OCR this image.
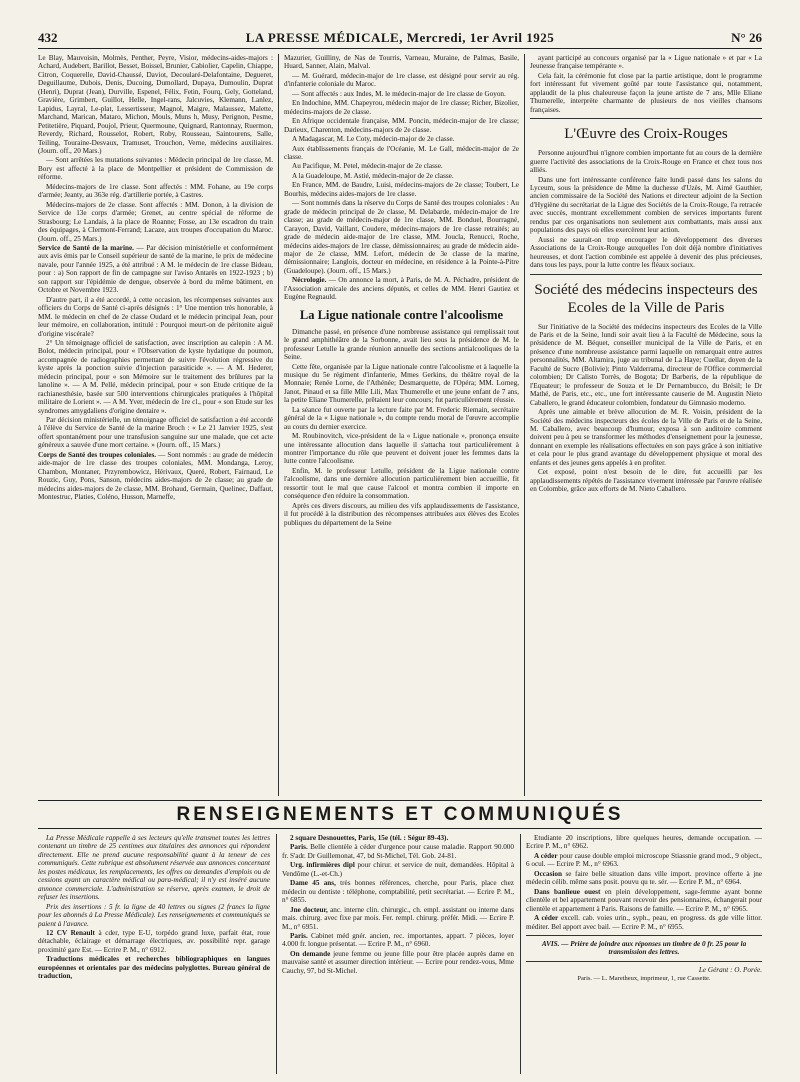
432	LA PRESSE MÉDICALE, Mercredi, 1er Avril 1925	N° 26

Le Blay, Mauvoisin, Molmès, Penther, Peyre, Visior, médecins-aides-majors : Achard, Audebert, Barillot, Besset, Boissel, Brunier, Cabiolier, Capelin, Chiappe, Citron, Coquerelle, David-Chaussé, Daviot, Decoularé-Delafontaine, Degueret, Deguillaume, Dubois, Denis, Ducoing, Dumollard, Dupaya, Dumoulin, Duprat (Henri), Duprat (Jean), Durville, Espenel, Félix, Fetin, Fourq, Gely, Gotteland, Gravière, Grimbert, Guillot, Helle, Ingel-rans, Jalcuvies, Klemann, Lanlez, Lapidus, Layral, Le-plat, Lessertisseur, Magnol, Maigre, Malaussez, Malette, Marchand, Marican, Mataro, Michon, Mouls, Muns h, Musy, Perignon, Pesme, Petitetière, Piquard, Poujol, Prieur, Quermoune, Quignard, Rantonnay, Ruermon, Reverdy, Richard, Rousselot, Robert, Roby, Rousseau, Saintourens, Salle, Teiling, Touraine-Desvaux, Tramuset, Trouchon, Verne, médecins auxiliaires. (Journ. off., 20 Mars.)

— Sont arrêtées les mutations suivantes : Médecin principal de 1re classe, M. Bory est affecté à la place de Montpellier et président de Commission de réforme.

Médecins-majors de 1re classe. Sont affectés : MM. Fohane, au 19e corps d'armée; Jeanty, au 363e rég. d'artillerie portée, à Castres.

Médecins-majors de 2e classe. Sont affectés : MM. Donon, à la division de Service de 13e corps d'armée; Grenet, au centre spécial de réforme de Strasbourg; Le Landais, à la place de Roanne; Fosse, au 13e escadron du train des équipages, à Clermont-Ferrand; Lacaze, aux troupes d'occupation du Maroc. (Journ. off., 25 Mars.)

Service de Santé de la marine. — Par décision ministérielle et conformément aux avis émis par le Conseil supérieur de santé de la marine, le prix de médecine navale, pour l'année 1925, a été attribué : A M. le médecin de 1re classe Bideau, pour : a) Son rapport de fin de campagne sur l'aviso Antarès en 1922-1923 ; b) son rapport sur l'épidémie de dengue, observée à bord du même bâtiment, en Octobre et Novembre 1923.

D'autre part, il a été accordé, à cette occasion, les récompenses suivantes aux officiers du Corps de Santé ci-après désignés : 1° Une mention très honorable, à MM. le médecin en chef de 2e classe Oudard et le médecin principal Jean, pour leur mémoire, en collaboration, intitulé : Pourquoi meurt-on de péritonite aiguë d'origine viscérale?

2° Un témoignage officiel de satisfaction, avec inscription au calepin : A M. Bolot, médecin principal, pour « l'Observation de kyste hydatique du poumon, accompagnée de radiographies permettant de suivre l'évolution régressive du kyste après la ponction suivie d'injection parasiticide ». — A M. Hederer, médecin principal, pour « son Mémoire sur le traitement des brûlures par la lanoline ». — A M. Pellé, médecin principal, pour « son Etude critique de la rachianesthésie, basée sur 500 interventions chirurgicales pratiquées à l'hôpital militaire de Lorient ». — A M. Yver, médecin de 1re cl., pour « son Etude sur les syndromes amygdaliens d'origine dentaire ».

Par décision ministérielle, un témoignage officiel de satisfaction a été accordé à l'élève du Service de Santé de la marine Broch : « Le 21 Janvier 1925, s'est offert spontanément pour une transfusion sanguine sur une malade, que cet acte généreux a sauvée d'une mort certaine. » (Journ. off., 15 Mars.)

Corps de Santé des troupes coloniales. — Sont nommés : au grade de médecin aide-major de 1re classe des troupes coloniales, MM. Mondanga, Leroy, Chambon, Montaner, Przyrembowicz, Hérivaux, Queré, Robert, Fairnaud, Le Rouzic, Guy, Pons, Sanson, médecins aides-majors de 2e classe; au grade de médecins aides-majors de 2e classe, MM. Brohaud, Germain, Quelinec, Daffaut, Montestruc, Platies, Coléno, Husson, Marneffe,

Mazurier, Guilliny, de Nas de Tourris, Varneau, Muraine, de Palmas, Basile, Huard, Sanner, Alain, Malval.

— M. Guérard, médecin-major de 1re classe, est désigné pour servir au rég. d'infanterie coloniale du Maroc.

— Sont affectés : aux Indes, M. le médecin-major de 1re classe de Goyon.

En Indochine, MM. Chapeyrou, médecin major de 1re classe; Richer, Bizolier, médecins-majors de 2e classe.

En Afrique occidentale française, MM. Poncin, médecin-major de 1re classe; Darieux, Charenton, médecins-majors de 2e classe.

A Madagascar, M. Le Coty, médecin-major de 2e classe.

Aux établissements français de l'Océanie, M. Le Gall, médecin-major de 2e classe.

Au Pacifique, M. Petel, médecin-major de 2e classe.

A la Guadeloupe, M. Astié, médecin-major de 2e classe.

En France, MM. de Baudre, Luisi, médecins-majors de 2e classe; Toubert, Le Bourhis, médecins aides-majors de 1re classe.

— Sont nommés dans la réserve du Corps de Santé des troupes coloniales : Au grade de médecin principal de 2e classe, M. Delabarde, médecin-major de 1re classe; au grade de médecin-major de 1re classe, MM. Bonduel, Bourragné, Carayon, David, Vaillant, Coudere, médecins-majors de 1re classe retraités; au grade de médecin aide-major de 1re classe, MM. Joucla, Renucci, Roche, médecins aides-majors de 1re classe, démissionnaires; au grade de médecin aide-major de 2e classe, MM. Lefort, médecin de 3e classe de la marine, démissionnaire; Langlois, docteur en médecine, en résidence à la Pointe-à-Pitre (Guadeloupe). (Journ. off., 15 Mars.)

Nécrologie. — On annonce la mort, à Paris, de M. A. Péchadre, président de l'Association amicale des anciens députés, et celles de MM. Henri Gautiez et Eugène Regnauld.

La Ligue nationale contre l'alcoolisme

Dimanche passé, en présence d'une nombreuse assistance qui remplissait tout le grand amphithéâtre de la Sorbonne, avait lieu sous la présidence de M. le professeur Letulle la grande réunion annuelle des sections antialcooliques de la Seine.

Cette fête, organisée par la Ligue nationale contre l'alcoolisme et à laquelle la musique du 5e régiment d'infanterie, Mmes Gerkins, du théâtre royal de la Monnaie; Renée Lorne, de l'Athénée; Desmarquette, de l'Opéra; MM. Lorneg, Janot, Pinaud et sa fille Mlle Lili, Max Thumerelle et une jeune enfant de 7 ans, la petite Eliane Thumerelle, prêtaient leur concours; fut particulièrement réussie.

La séance fut ouverte par la lecture faite par M. Frederic Riemain, secrétaire général de la « Ligue nationale », du compte rendu moral de l'œuvre accomplie au cours du dernier exercice.

M. Roubinovitch, vice-président de la « Ligue nationale », prononça ensuite une intéressante allocution dans laquelle il s'attacha tout particulièrement à montrer l'importance du rôle que peuvent et doivent jouer les femmes dans la lutte contre l'alcoolisme.

Enfin, M. le professeur Letulle, président de la Ligue nationale contre l'alcoolisme, dans une dernière allocution particulièrement bien accueillie, fit ressortir tout le mal que cause l'alcool et montra combien il importe en conséquence d'en réduire la consommation.

Après ces divers discours, au milieu des vifs applaudissements de l'assistance, il fut procédé à la distribution des récompenses attribuées aux élèves des Ecoles publiques du département de la Seine

ayant participé au concours organisé par la « Ligue nationale » et par « La Jeunesse française tempérante ».

Cela fait, la cérémonie fut close par la partie artistique, dont le programme fort intéressant fut vivement goûté par toute l'assistance qui, notamment, applaudit de la plus chaleureuse façon la jeune artiste de 7 ans, Mlle Eliane Thumerelle, interprète charmante de plusieurs de nos vieilles chansons françaises.

L'Œuvre des Croix-Rouges

Personne aujourd'hui n'ignore combien importante fut au cours de la dernière guerre l'activité des associations de la Croix-Rouge en France et chez tous nos alliés.

Dans une fort intéressante conférence faite lundi passé dans les salons du Lyceum, sous la présidence de Mme la duchesse d'Uzès, M. Aimé Gauthier, ancien commissaire de la Société des Nations et directeur adjoint de la Section d'Hygiène du secrétariat de la Ligue des Sociétés de la Croix-Rouge, l'a retracée avec succès, montrant excellemment combien de services importants furent rendus par ces organisations non seulement aux combattants, mais aussi aux populations des pays où elles exercèrent leur action.

Aussi ne saurait-on trop encourager le développement des diverses Associations de la Croix-Rouge auxquelles l'on doit déjà nombre d'initiatives heureuses, et dont l'action combinée est appelée à devenir des plus précieuses, dans tous les pays, pour la lutte contre les fléaux sociaux.

Société des médecins inspecteurs des Ecoles de la Ville de Paris

Sur l'initiative de la Société des médecins inspecteurs des Ecoles de la Ville de Paris et de la Seine, lundi soir avait lieu à la Faculté de Médecine, sous la présidence de M. Béquet, conseiller municipal de la Ville de Paris, et en présence d'une nombreuse assistance parmi laquelle on remarquait entre autres personnalités, MM. Altamira, juge au tribunal de La Haye; Cuellar, doyen de la Faculté de Sucre (Bolivie); Pinto Valderrama, directeur de l'Office commercial colombien; Dr Calisto Torrès, de Bogota; Dr Barberis, de la république de l'Equateur; le professeur de Souza et le Dr Pernambucco, du Brésil; le Dr Mathé, de Paris, etc., etc., une fort intéressante causerie de M. Augustin Nieto Caballero, le grand éducateur colombien, fondateur du Gimnasio moderno.

Après une aimable et brève allocution de M. R. Voisin, président de la Société des médecins inspecteurs des écoles de la Ville de Paris et de la Seine, M. Caballero, avec beaucoup d'humour, exposa à son auditoire comment doivent peu à peu se transformer les méthodes d'enseignement pour la jeunesse, donnant en exemple les réalisations effectuées en son pays grâce à son initiative et cela pour le plus grand avantage du développement physique et moral des enfants et des jeunes gens appelés à en profiter.

Cet exposé, point n'est besoin de le dire, fut accueilli par les applaudissements répétés de l'assistance vivement intéressée par l'œuvre réalisée en Colombie, grâce aux efforts de M. Nieto Caballero.

RENSEIGNEMENTS ET COMMUNIQUÉS

La Presse Médicale rappelle à ses lecteurs qu'elle transmet toutes les lettres contenant un timbre de 25 centimes aux titulaires des annonces qui répondent directement. Elle ne prend aucune responsabilité quant à la teneur de ces communiqués. Cette rubrique est absolument réservée aux annonces concernant les postes médicaux, les remplacements, les offres ou demandes d'emplois ou de cessions ayant un caractère médical ou para-médical; il n'y est inséré aucune annonce commerciale. L'administration se réserve, après examen, le droit de refuser les insertions.

Prix des insertions : 5 fr. la ligne de 40 lettres ou signes (2 francs la ligne pour les abonnés à La Presse Médicale). Les renseignements et communiqués se paient à l'avance.

12 CV Renault à cder, type E-U, torpédo grand luxe, parfait état, roue détachable, éclairage et démarrage électriques, av. possibilité repr. garage proximité gare Est. — Ecrire P. M., n° 6912.

Traductions médicales et recherches bibliographiques en langues européennes et orientales par des médecins polyglottes. Bureau général de traduction,

2 square Desnouettes, Paris, 15e (tél. : Ségur 89-43).

Paris. Belle clientèle à céder d'urgence pour cause maladie. Rapport 90.000 fr. S'adr. Dr Guillemonat, 47, bd St-Michel, Tél. Gob. 24-81.

Urg. infirmières dipl pour chirur. et service de nuit, demandées. Hôpital à Vendôme (L.-et-Ch.)

Dame 45 ans, très bonnes références, cherche, pour Paris, place chez médecin ou dentiste : téléphone, comptabilité, petit secrétariat. — Ecrire P. M., n° 6855.

Jne docteur, anc. interne clin. chirurgic., ch. empl. assistant ou interne dans mais. chirurg. avec fixe par mois. Fer. rempl. chirurg. préfér. Midi. — Ecrire P. M., n° 6951.

Paris. Cabinet méd gnér. ancien, rec. importantes, appart. 7 pièces, loyer 4.000 fr. longue présentat. — Ecrire P. M., n° 6960.

On demande jeune femme ou jeune fille pour être placée auprès dame en mauvaise santé et assumer direction intérieur. — Ecrire pour rendez-vous, Mme Cauchy, 97, bd St-Michel.

Etudiante 20 inscriptions, libre quelques heures, demande occupation. — Ecrire P. M., n° 6962.

A céder pour cause double emploi microscope Stiassnie grand mod., 9 object., 6 ocul. — Ecrire P. M., n° 6963.

Occasion se faire belle situation dans ville import. province offerte à jne médecin célib. même sans posit. pouvu qu te. sér. — Ecrire P. M., n° 6964.

Dans banlieue ouest en plein développement, sage-femme ayant bonne clientèle et bel appartement pouvant recevoir des pensionnaires, échangerait pour clientèle et appartement à Paris. Raisons de famille. — Ecrire P. M., n° 6965.

A céder excell. cab. voies urin., syph., peau, en progress. ds gde ville littor. méditer. Bel apport avec bail. — Ecrire P. M., n° 6955.

AVIS. — Prière de joindre aux réponses un timbre de 0 fr. 25 pour la transmission des lettres.

Le Gérant : O. Porée.

Paris. — L. Maretheux, imprimeur, 1, rue Cassette.
